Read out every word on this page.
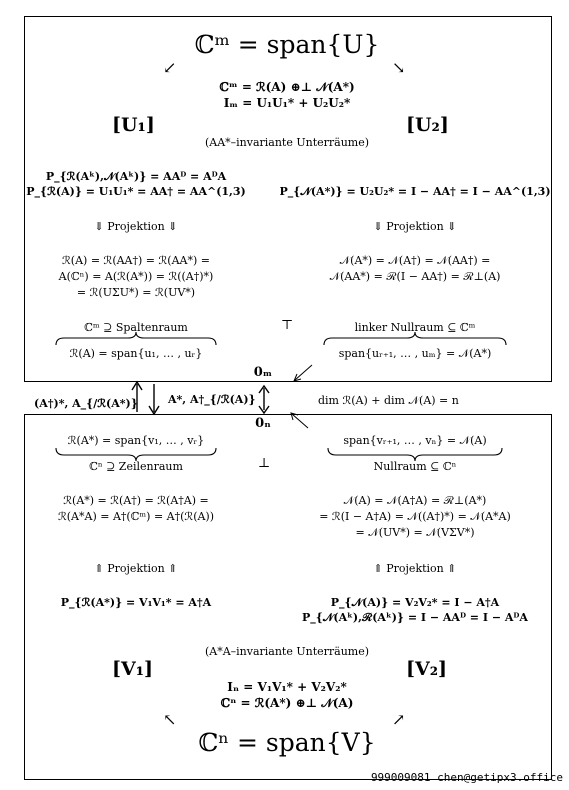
ℂᵐ = span{U}
↙	↘
ℂᵐ = ℛ(A) ⊕⊥ 𝒩(A*)
Iₘ = U₁U₁* + U₂U₂*
[U₁]	[U₂]
(AA*–invariante Unterräume)
P_{ℛ(Aᵏ),𝒩(Aᵏ)} = AAᴰ = AᴰA
P_{ℛ(A)} = U₁U₁* = AA† = AA^(1,3)	P_{𝒩(A*)} = U₂U₂* = I − AA† = I − AA^(1,3)
⇓ Projektion ⇓	⇓ Projektion ⇓
ℛ(A) = ℛ(AA†) = ℛ(AA*) =
A(ℂⁿ) = A(ℛ(A*)) = ℛ((A†)*)
= ℛ(UΣU*) = ℛ(UV*)
𝒩(A*) = 𝒩(A†) = 𝒩(AA†) =
𝒩(AA*) = ℛ(I − AA†) = ℛ⊥(A)
ℂᵐ ⊇ Spaltenraum
ℛ(A) = span{u₁, … , uᵣ}
⊤	linker Nullraum ⊆ ℂᵐ
span{uᵣ₊₁, … , uₘ} = 𝒩(A*)
0ₘ
(A†)*, A_{/ℛ(A*)}	A*, A†_{/ℛ(A)}	dim ℛ(A) + dim 𝒩(A) = n
0ₙ
ℛ(A*) = span{v₁, … , vᵣ}
ℂⁿ ⊇ Zeilenraum	⊥
span{vᵣ₊₁, … , vₙ} = 𝒩(A)
Nullraum ⊆ ℂⁿ
ℛ(A*) = ℛ(A†) = ℛ(A†A) =
ℛ(A*A) = A†(ℂᵐ) = A†(ℛ(A))
𝒩(A) = 𝒩(A†A) = ℛ⊥(A*)
= ℛ(I − A†A) = 𝒩((A†)*) = 𝒩(A*A)
= 𝒩(UV*) = 𝒩(VΣV*)
⇑ Projektion ⇑	⇑ Projektion ⇑
P_{ℛ(A*)} = V₁V₁* = A†A	P_{𝒩(A)} = V₂V₂* = I − A†A
P_{𝒩(Aᵏ),ℛ(Aᵏ)} = I − AAᴰ = I − AᴰA
(A*A–invariante Unterräume)
[V₁]	[V₂]
Iₙ = V₁V₁* + V₂V₂*
ℂⁿ = ℛ(A*) ⊕⊥ 𝒩(A)
↖	↗
ℂⁿ = span{V}
999009081 chen@getipx3.office
